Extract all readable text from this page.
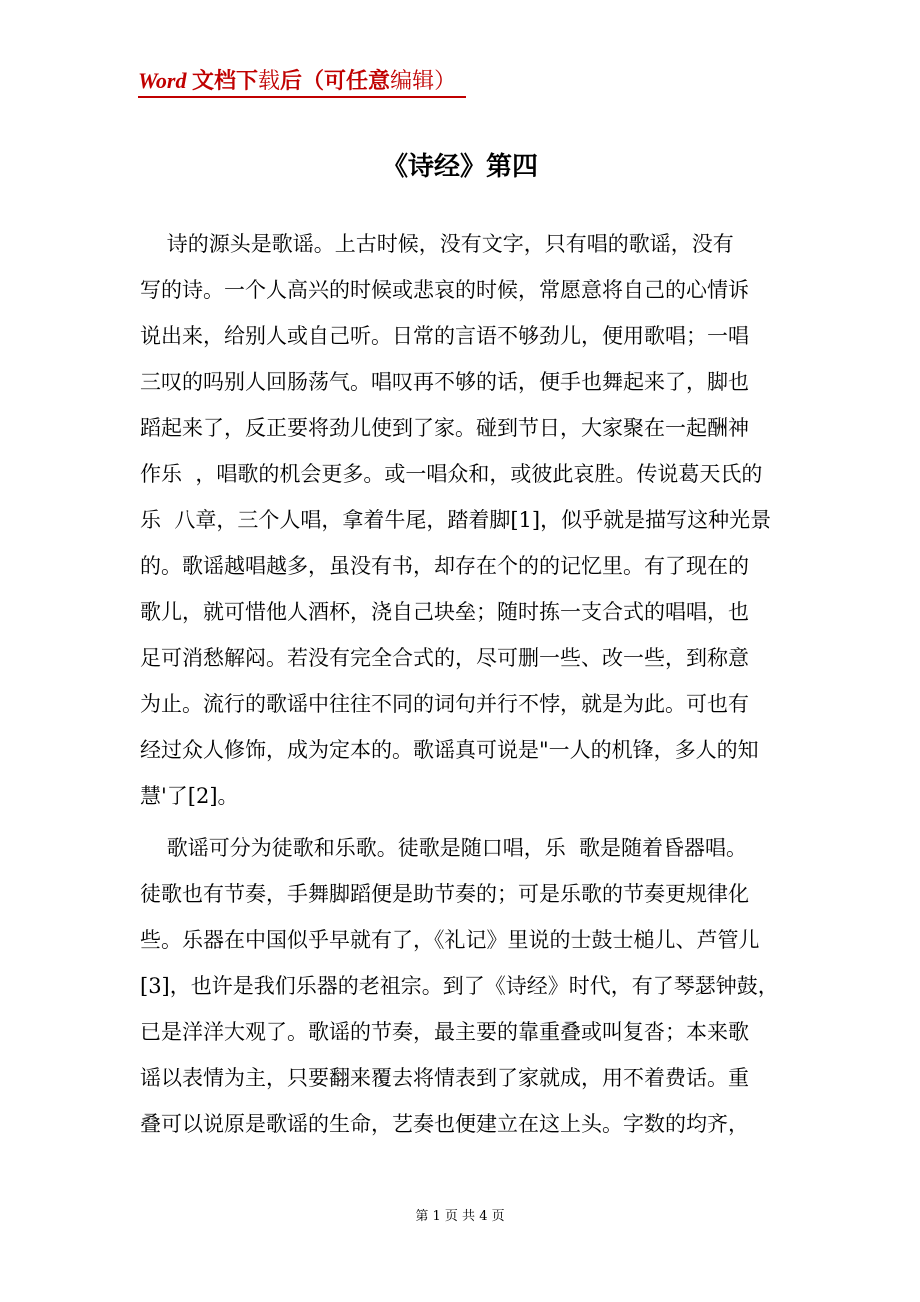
Word 文档下载后（可任意编辑）
《诗经》第四
诗的源头是歌谣。上古时候，没有文字，只有唱的歌谣，没有
写的诗。一个人高兴的时候或悲哀的时候，常愿意将自己的心情诉
说出来，给别人或自己听。日常的言语不够劲儿，便用歌唱；一唱
三叹的吗别人回肠荡气。唱叹再不够的话，便手也舞起来了，脚也
蹈起来了，反正要将劲儿使到了家。碰到节日，大家聚在一起酬神
作乐  ，唱歌的机会更多。或一唱众和，或彼此哀胜。传说葛天氏的
乐  八章，三个人唱，拿着牛尾，踏着脚[1]，似乎就是描写这种光景
的。歌谣越唱越多，虽没有书，却存在个的的记忆里。有了现在的
歌儿，就可惜他人酒杯，浇自己块垒；随时拣一支合式的唱唱，也
足可消愁解闷。若没有完全合式的，尽可删一些、改一些，到称意
为止。流行的歌谣中往往不同的词句并行不悖，就是为此。可也有
经过众人修饰，成为定本的。歌谣真可说是"一人的机锋，多人的知
慧'了[2]。
歌谣可分为徒歌和乐歌。徒歌是随口唱，乐  歌是随着昏器唱。
徒歌也有节奏，手舞脚蹈便是助节奏的；可是乐歌的节奏更规律化
些。乐器在中国似乎早就有了，《礼记》里说的士鼓士槌儿、芦管儿
[3]，也许是我们乐器的老祖宗。到了《诗经》时代，有了琴瑟钟鼓，
已是洋洋大观了。歌谣的节奏，最主要的靠重叠或叫复沓；本来歌
谣以表情为主，只要翻来覆去将情表到了家就成，用不着费话。重
叠可以说原是歌谣的生命，艺奏也便建立在这上头。字数的均齐，
第 1 页 共 4 页
